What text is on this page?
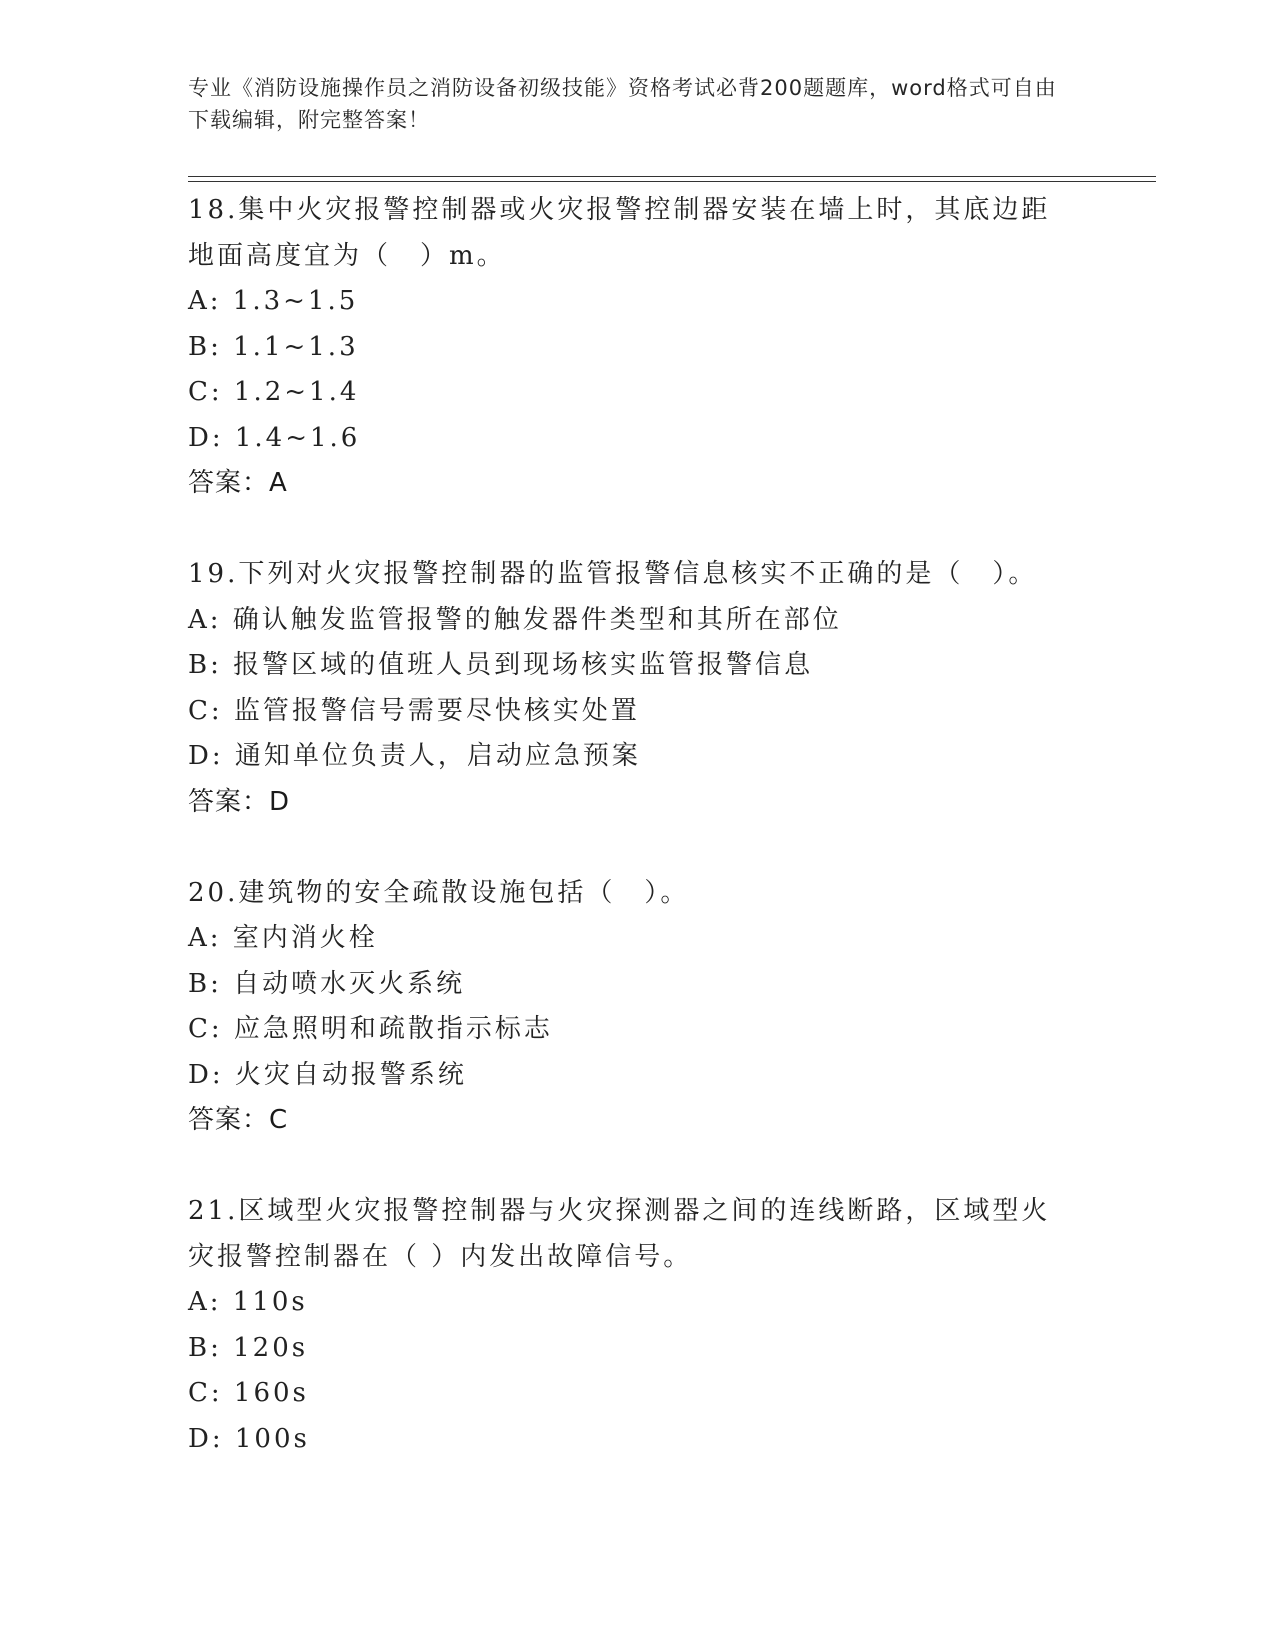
专业《消防设施操作员之消防设备初级技能》资格考试必背200题题库，word格式可自由下载编辑，附完整答案！
18.集中火灾报警控制器或火灾报警控制器安装在墙上时，其底边距地面高度宜为（　）m。
A: 1.3~1.5
B: 1.1~1.3
C: 1.2~1.4
D: 1.4~1.6
答案：A
19.下列对火灾报警控制器的监管报警信息核实不正确的是（　）。
A: 确认触发监管报警的触发器件类型和其所在部位
B: 报警区域的值班人员到现场核实监管报警信息
C: 监管报警信号需要尽快核实处置
D: 通知单位负责人，启动应急预案
答案：D
20.建筑物的安全疏散设施包括（　）。
A: 室内消火栓
B: 自动喷水灭火系统
C: 应急照明和疏散指示标志
D: 火灾自动报警系统
答案：C
21.区域型火灾报警控制器与火灾探测器之间的连线断路，区域型火灾报警控制器在（ ）内发出故障信号。
A: 110s
B: 120s
C: 160s
D: 100s
